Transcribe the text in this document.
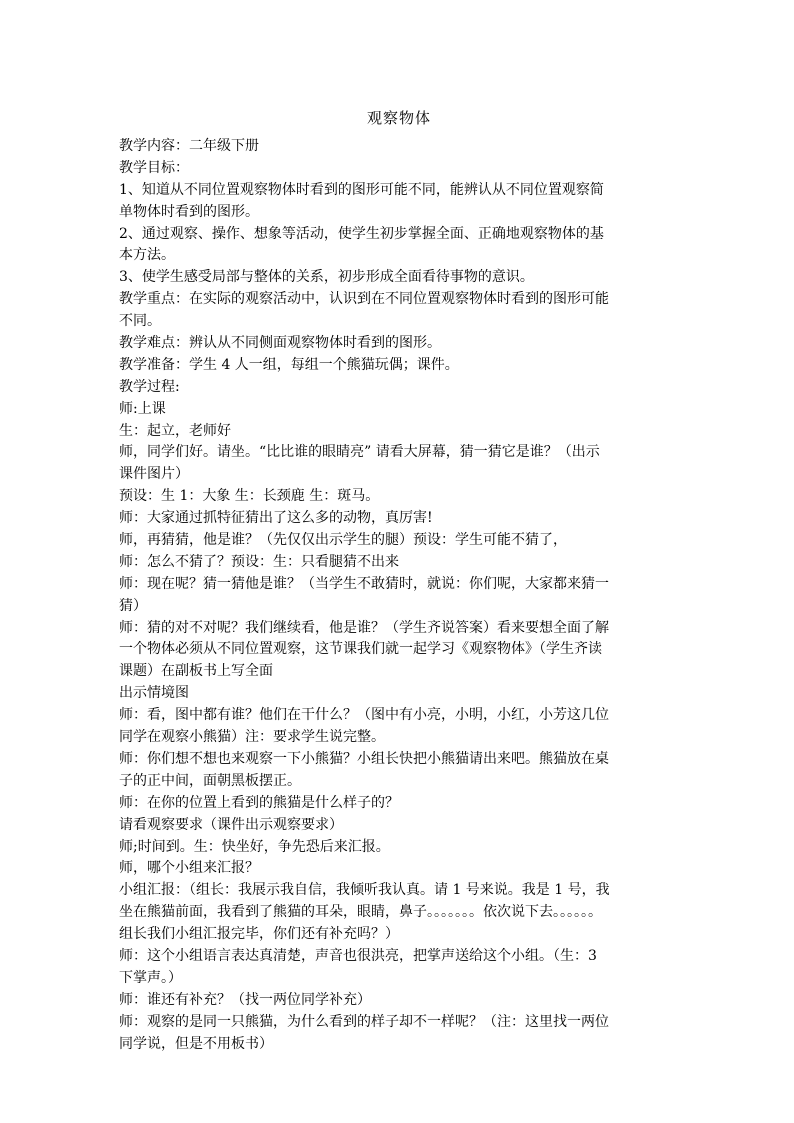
观察物体
教学内容：二年级下册
教学目标：
1、知道从不同位置观察物体时看到的图形可能不同，能辨认从不同位置观察简
单物体时看到的图形。
2、通过观察、操作、想象等活动，使学生初步掌握全面、正确地观察物体的基
本方法。
3、使学生感受局部与整体的关系，初步形成全面看待事物的意识。
教学重点：在实际的观察活动中，认识到在不同位置观察物体时看到的图形可能
不同。
教学难点：辨认从不同侧面观察物体时看到的图形。
教学准备：学生 4 人一组，每组一个熊猫玩偶；课件。
教学过程:
师:上课
生：起立，老师好
师，同学们好。请坐。“比比谁的眼睛亮” 请看大屏幕，猜一猜它是谁？（出示
课件图片）
预设：生 1：大象 生：长颈鹿 生：斑马。
师：大家通过抓特征猜出了这么多的动物，真厉害!
师，再猜猜，他是谁？（先仅仅出示学生的腿）预设：学生可能不猜了，
师：怎么不猜了？预设：生：只看腿猜不出来
师：现在呢？猜一猜他是谁？（当学生不敢猜时，就说：你们呢，大家都来猜一
猜）
师：猜的对不对呢？我们继续看，他是谁？（学生齐说答案）看来要想全面了解
一个物体必须从不同位置观察，这节课我们就一起学习《观察物体》（学生齐读
课题）在副板书上写全面
出示情境图
师：看，图中都有谁？他们在干什么？（图中有小亮，小明，小红，小芳这几位
同学在观察小熊猫）注：要求学生说完整。
师：你们想不想也来观察一下小熊猫？小组长快把小熊猫请出来吧。熊猫放在桌
子的正中间，面朝黑板摆正。
师：在你的位置上看到的熊猫是什么样子的？
请看观察要求（课件出示观察要求）
师;时间到。生：快坐好，争先恐后来汇报。
师，哪个小组来汇报？
小组汇报：（组长：我展示我自信，我倾听我认真。请 1 号来说。我是 1 号，我
坐在熊猫前面，我看到了熊猫的耳朵，眼睛，鼻子。。。。。。。依次说下去。。。。。。
组长我们小组汇报完毕，你们还有补充吗？）
师：这个小组语言表达真清楚，声音也很洪亮，把掌声送给这个小组。（生：3
下掌声。）
师：谁还有补充？（找一两位同学补充）
师：观察的是同一只熊猫，为什么看到的样子却不一样呢？（注：这里找一两位
同学说，但是不用板书）
